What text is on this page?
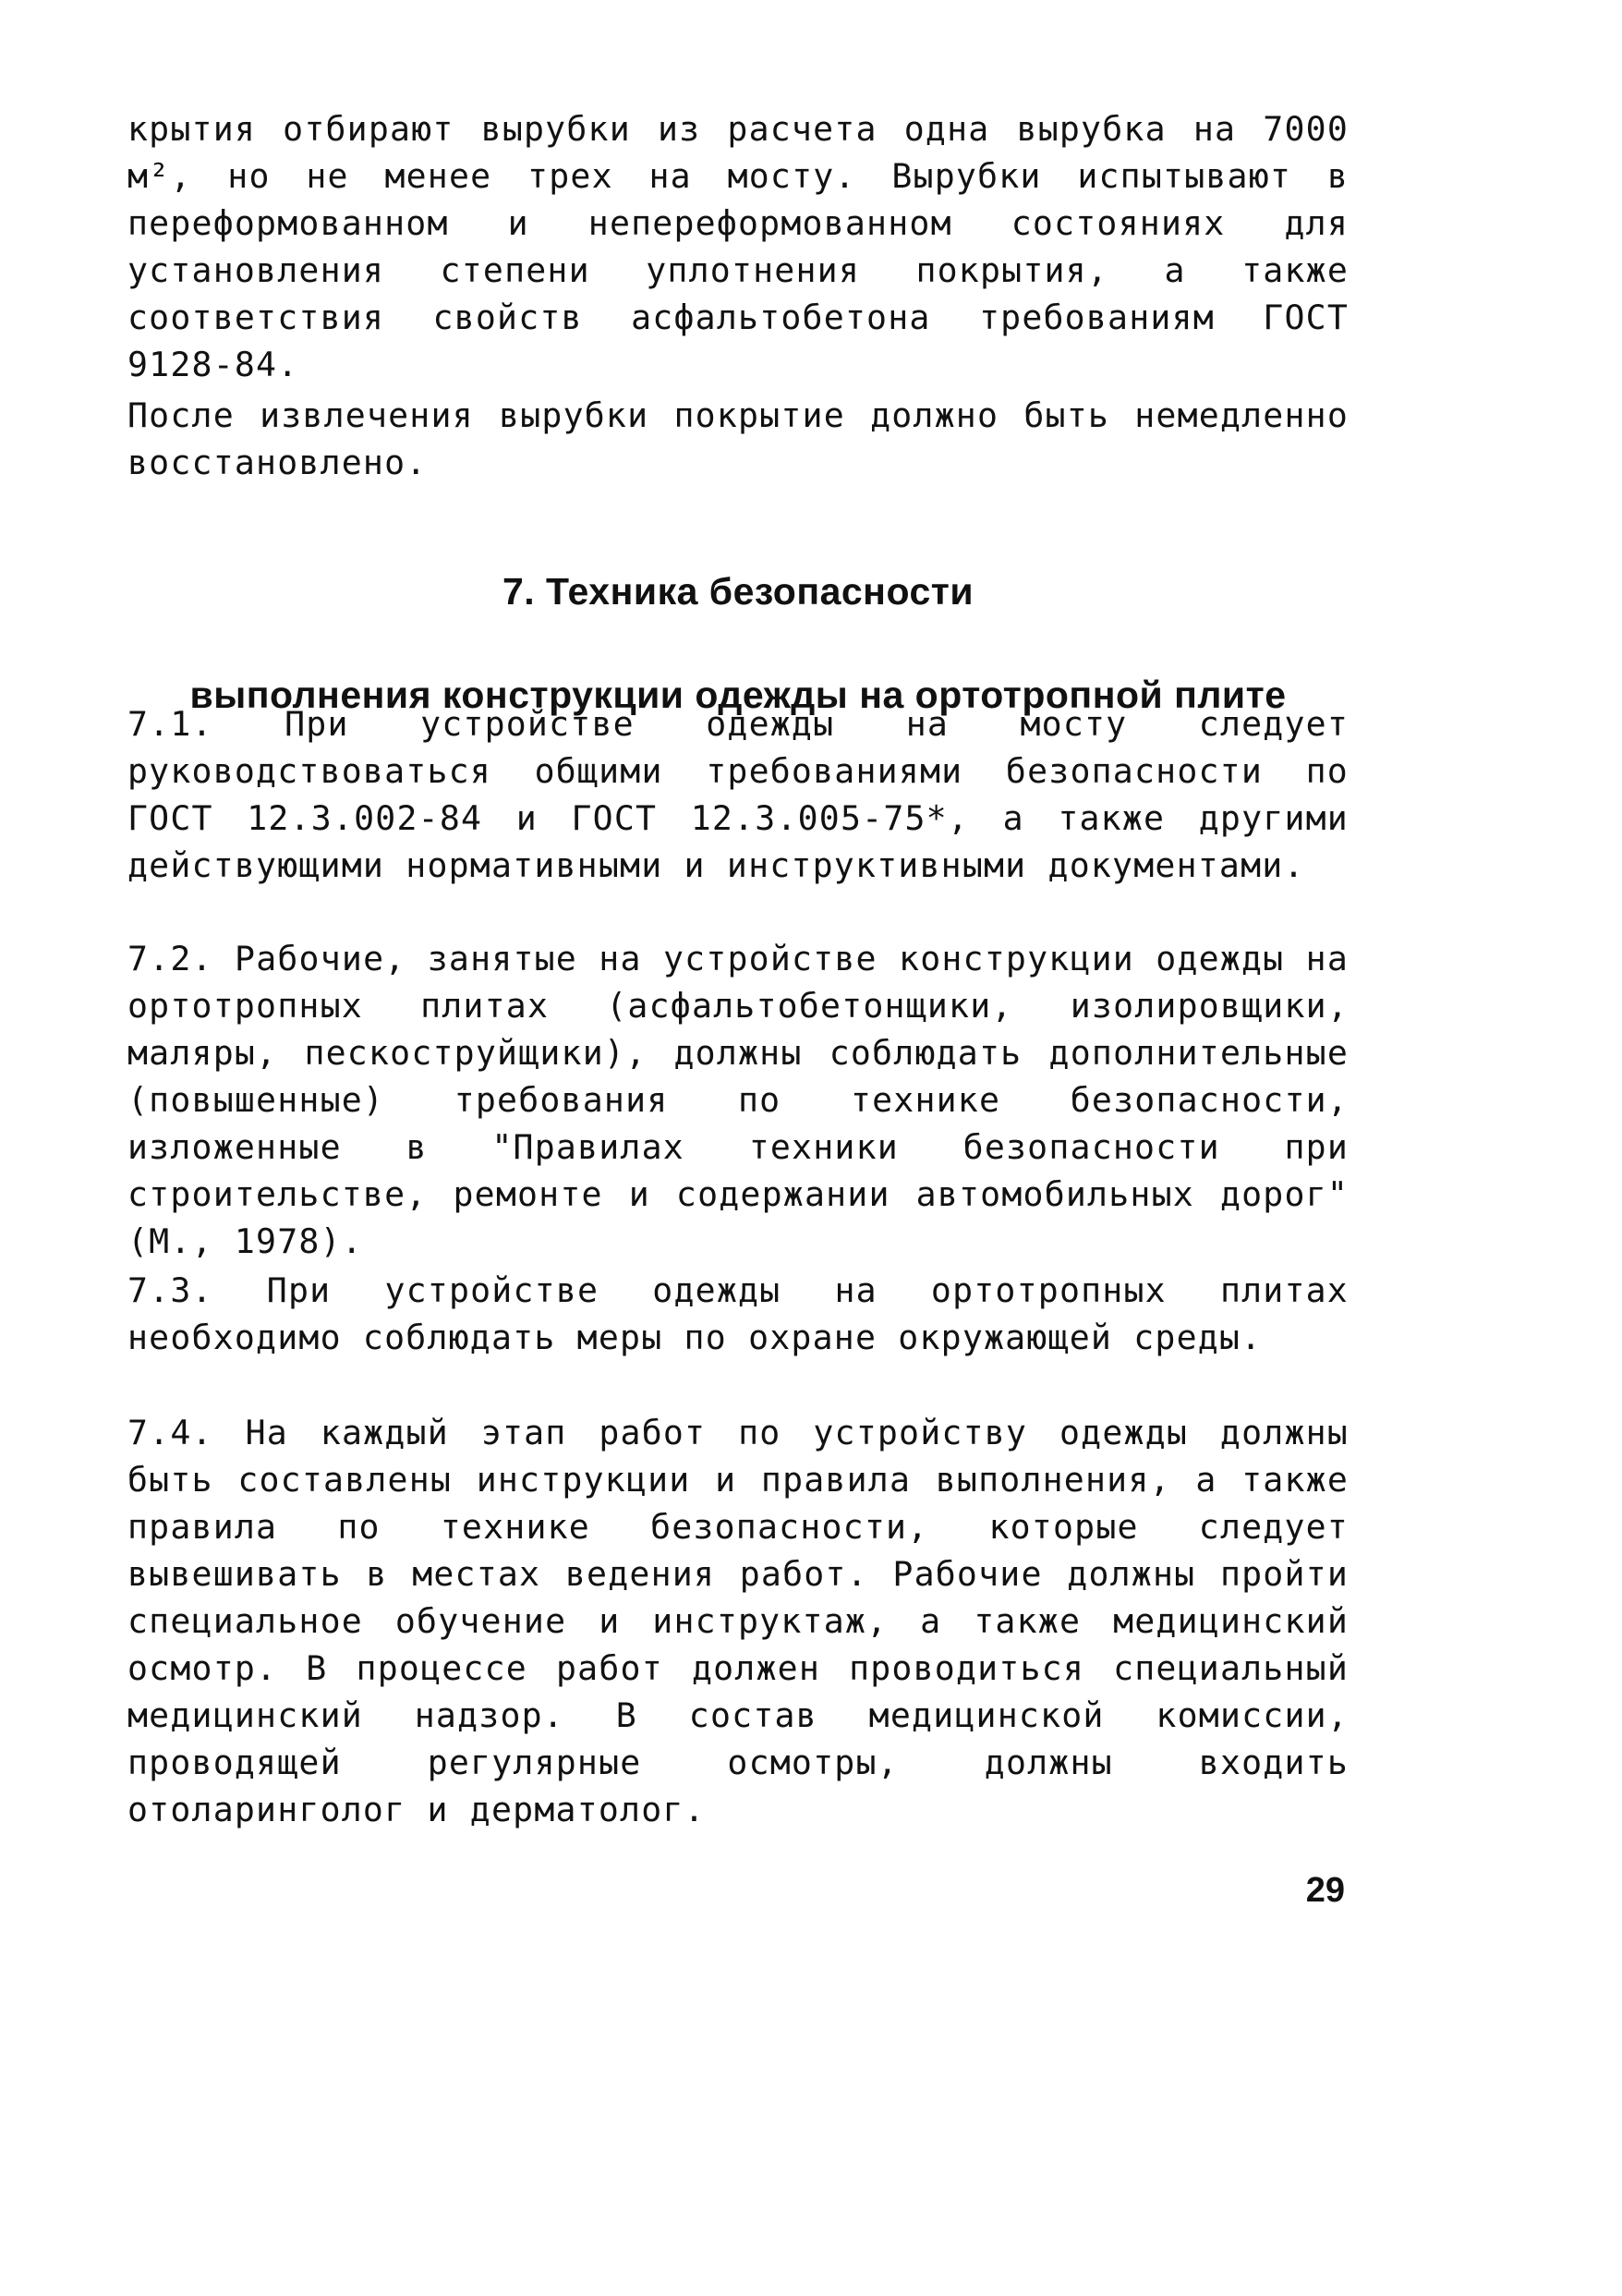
крытия отбирают вырубки из расчета одна вырубка на 7000 м², но не менее трех на мосту. Вырубки испытывают в переформованном и непереформованном состояниях для установления степени уплотнения покрытия, а также соответствия свойств асфальтобетона требованиям ГОСТ 9128-84.
После извлечения вырубки покрытие должно быть немедленно восстановлено.

7. Техника безопасности

выполнения конструкции одежды на ортотропной плите

7.1. При устройстве одежды на мосту следует руководствоваться общими требованиями безопасности по ГОСТ 12.3.002-84 и ГОСТ 12.3.005-75*, а также другими действующими нормативными и инструктивными документами.
7.2. Рабочие, занятые на устройстве конструкции одежды на ортотропных плитах (асфальтобетонщики, изолировщики, маляры, пескоструйщики), должны соблюдать дополнительные (повышенные) требования по технике безопасности, изложенные в "Правилах техники безопасности при строительстве, ремонте и содержании автомобильных дорог" (М., 1978).
7.3. При устройстве одежды на ортотропных плитах необходимо соблюдать меры по охране окружающей среды.
7.4. На каждый этап работ по устройству одежды должны быть составлены инструкции и правила выполнения, а также правила по технике безопасности, которые следует вывешивать в местах ведения работ. Рабочие должны пройти специальное обучение и инструктаж, а также медицинский осмотр. В процессе работ должен проводиться специальный медицинский надзор. В состав медицинской комиссии, проводящей регулярные осмотры, должны входить отоларинголог и дерматолог.
29
